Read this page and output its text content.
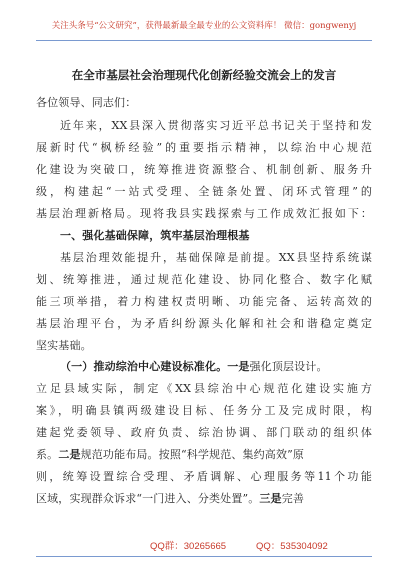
关注头条号“公文研究”，获得最新最全最专业的公文资料库！ 微信：gongwenyj
在全市基层社会治理现代化创新经验交流会上的发言
各位领导、同志们：
近年来，XX县深入贯彻落实习近平总书记关于坚持和发
展新时代“枫桥经验”的重要指示精神，以综治中心规范
化建设为突破口，统筹推进资源整合、机制创新、服务升
级，构建起“一站式受理、全链条处置、闭环式管理”的
基层治理新格局。现将我县实践探索与工作成效汇报如下：
一、强化基础保障，筑牢基层治理根基
基层治理效能提升，基础保障是前提。XX县坚持系统谋
划、统筹推进，通过规范化建设、协同化整合、数字化赋
能三项举措，着力构建权责明晰、功能完备、运转高效的
基层治理平台，为矛盾纠纷源头化解和社会和谐稳定奠定
坚实基础。
（一）推动综治中心建设标准化。一是强化顶层设计。
立足县域实际，制定《XX县综治中心规范化建设实施方
案》，明确县镇两级建设目标、任务分工及完成时限，构
建起党委领导、政府负责、综治协调、部门联动的组织体
系。二是规范功能布局。按照“科学规范、集约高效”原
则，统筹设置综合受理、矛盾调解、心理服务等11个功能
区域，实现群众诉求“一门进入、分类处置”。三是完善
QQ群：30265665	QQ：535304092
